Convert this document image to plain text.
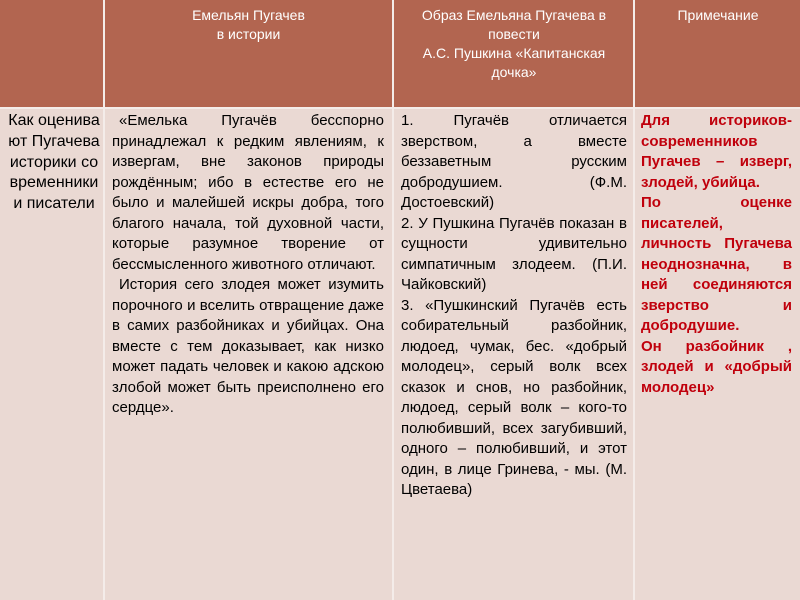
Емельян Пугачев
в истории
Образ Емельяна Пугачева в
повести
А.С. Пушкина «Капитанская
дочка»
Примечание
Как оценивают Пугачева историки современники и писатели

«Емелька Пугачёв бесспорно принадлежал к редким явлениям, к извергам, вне законов природы рождённым; ибо в естестве его не было и малейшей искры добра, того благого начала, той духовной части, которые разумное творение от бессмысленного животного отличают.

История сего злодея может изумить порочного и вселить отвращение даже в самих разбойниках и убийцах. Она вместе с тем доказывает, как низко может падать человек и какою адскою злобой может быть преисполнено его сердце».

1. Пугачёв отличается зверством, а вместе беззаветным русским добродушием. (Ф.М. Достоевский)

2. У Пушкина Пугачёв показан в сущности удивительно симпатичным злодеем. (П.И. Чайковский)

3. «Пушкинский Пугачёв есть собирательный разбойник, людоед, чумак, бес. «добрый молодец», серый волк всех сказок и снов, но разбойник, людоед, серый волк – кого-то полюбивший, всех загубивший, одного – полюбивший, и этот один, в лице Гринева, - мы. (М. Цветаева)

Для историков-современников Пугачев – изверг, злодей, убийца.

По оценке писателей, личность Пугачева неоднозначна, в ней соединяются зверство и добродушие.

Он разбойник , злодей и «добрый молодец»
